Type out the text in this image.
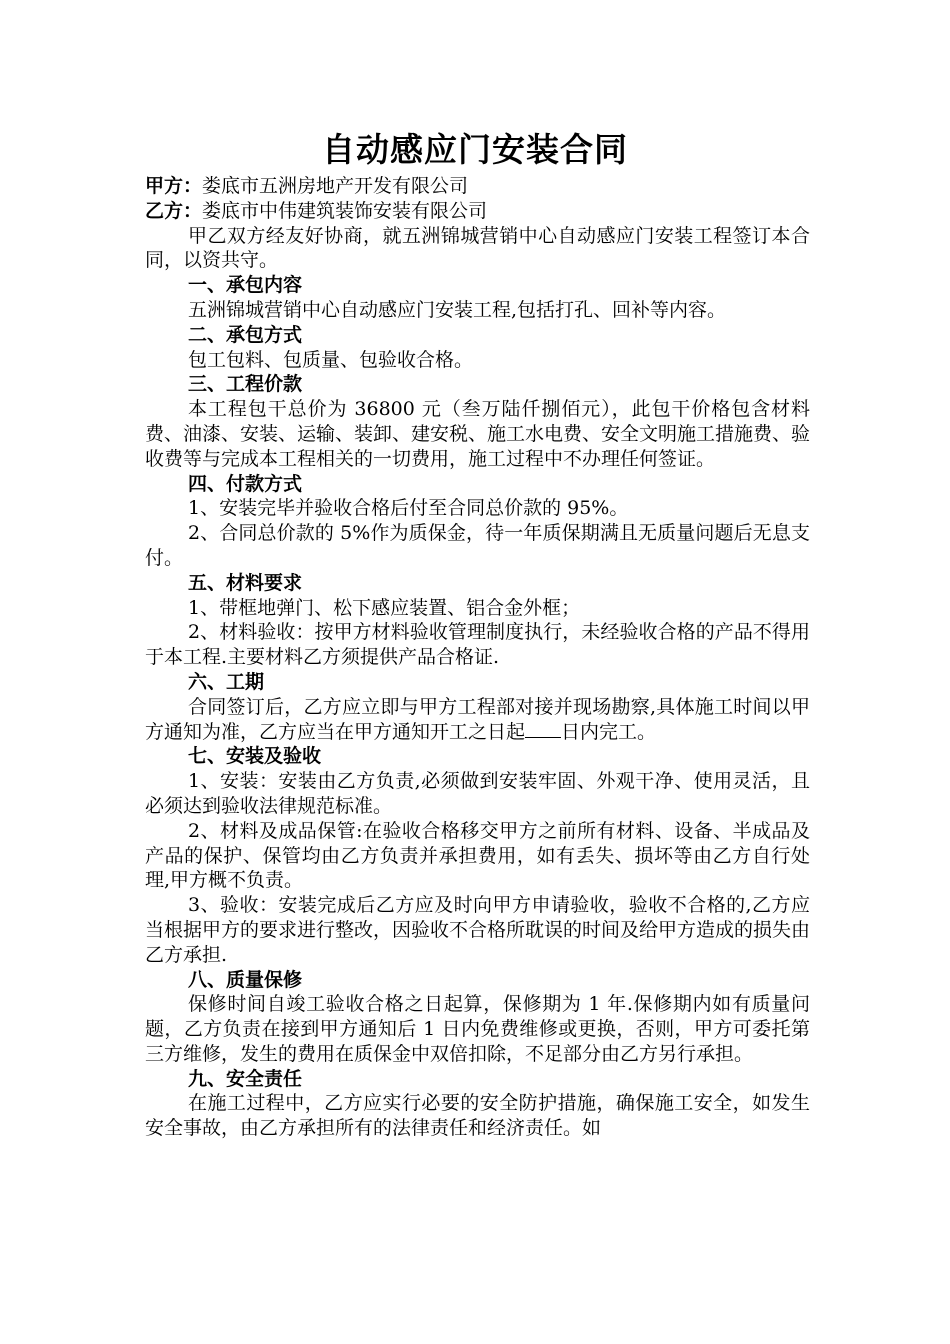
自动感应门安装合同

甲方：娄底市五洲房地产开发有限公司

乙方：娄底市中伟建筑装饰安装有限公司

甲乙双方经友好协商，就五洲锦城营销中心自动感应门安装工程签订本合同，以资共守。

一、承包内容

五洲锦城营销中心自动感应门安装工程,包括打孔、回补等内容。

二、承包方式

包工包料、包质量、包验收合格。

三、工程价款

本工程包干总价为 36800 元（叁万陆仟捌佰元），此包干价格包含材料费、油漆、安装、运输、装卸、建安税、施工水电费、安全文明施工措施费、验收费等与完成本工程相关的一切费用，施工过程中不办理任何签证。

四、付款方式

1、安装完毕并验收合格后付至合同总价款的 95%。

2、合同总价款的 5%作为质保金，待一年质保期满且无质量问题后无息支付。

五、材料要求

1、带框地弹门、松下感应装置、铝合金外框；

2、材料验收：按甲方材料验收管理制度执行，未经验收合格的产品不得用于本工程.主要材料乙方须提供产品合格证.

六、工期

合同签订后，乙方应立即与甲方工程部对接并现场勘察,具体施工时间以甲方通知为准，乙方应当在甲方通知开工之日起 日内完工。

七、安装及验收

1、安装：安装由乙方负责,必须做到安装牢固、外观干净、使用灵活，且必须达到验收法律规范标准。

2、材料及成品保管:在验收合格移交甲方之前所有材料、设备、半成品及产品的保护、保管均由乙方负责并承担费用，如有丢失、损坏等由乙方自行处理,甲方概不负责。

3、验收：安装完成后乙方应及时向甲方申请验收，验收不合格的,乙方应当根据甲方的要求进行整改，因验收不合格所耽误的时间及给甲方造成的损失由乙方承担.

八、质量保修

保修时间自竣工验收合格之日起算，保修期为 1 年.保修期内如有质量问题，乙方负责在接到甲方通知后 1 日内免费维修或更换，否则，甲方可委托第三方维修，发生的费用在质保金中双倍扣除，不足部分由乙方另行承担。

九、安全责任

在施工过程中，乙方应实行必要的安全防护措施，确保施工安全，如发生安全事故，由乙方承担所有的法律责任和经济责任。如
